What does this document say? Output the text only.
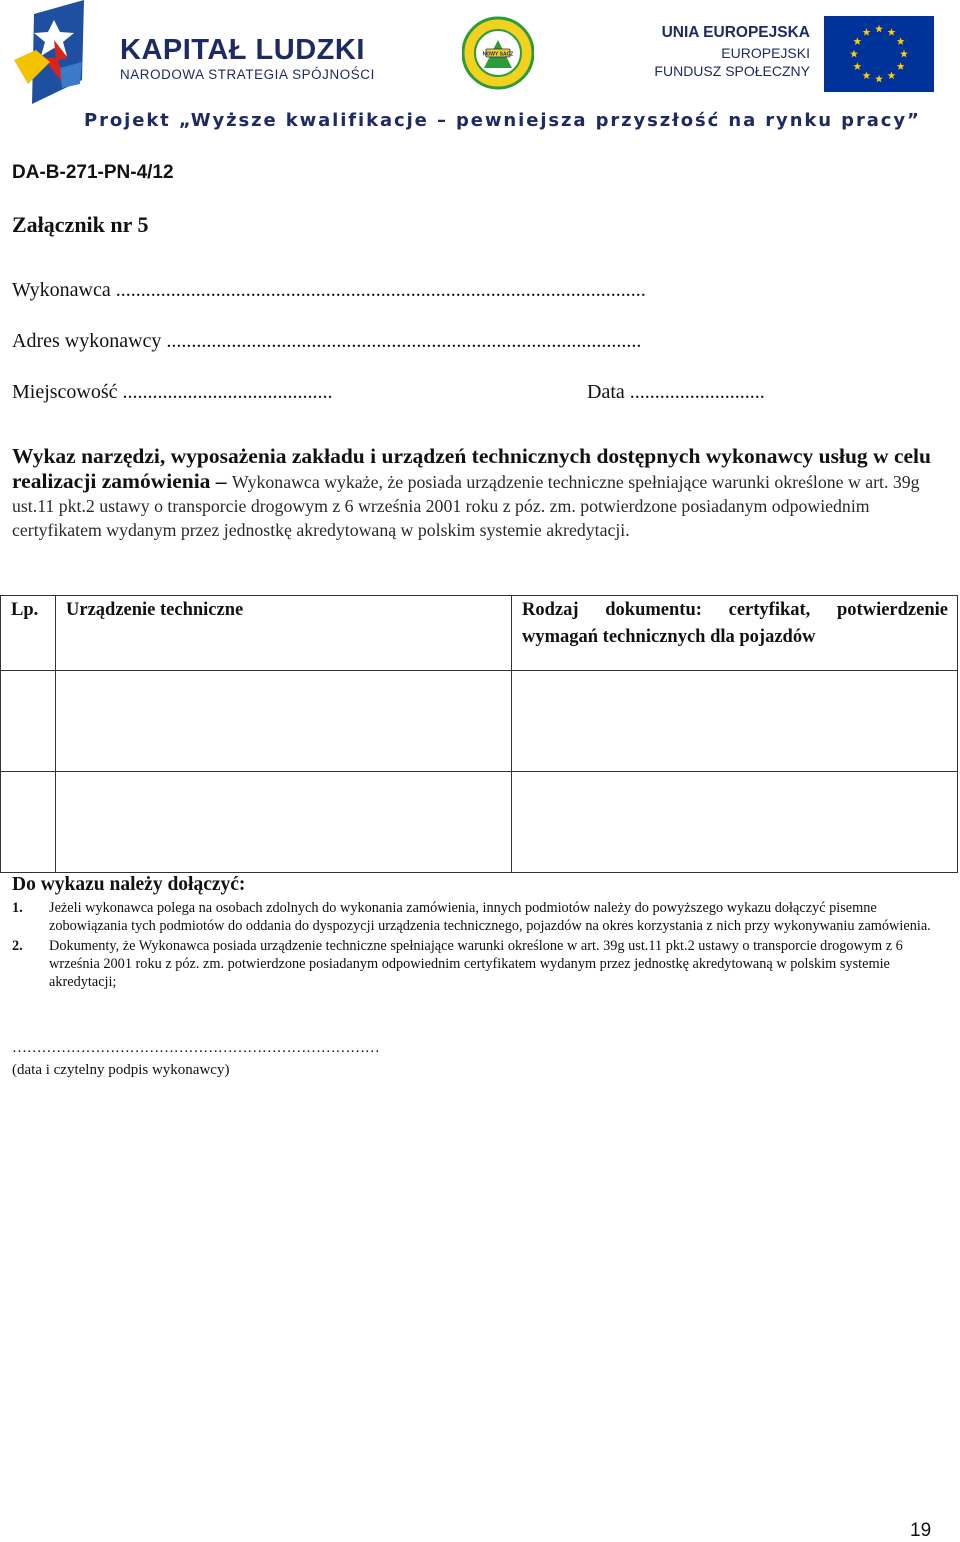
KAPITAŁ LUDZKI
NARODOWA STRATEGIA SPÓJNOŚCI
NOWY SĄCZ
UNIA EUROPEJSKA
EUROPEJSKI
FUNDUSZ SPOŁECZNY
Projekt „Wyższe kwalifikacje – pewniejsza przyszłość na rynku pracy”
DA-B-271-PN-4/12
Załącznik nr 5
Wykonawca ..........................................................................................................
Adres wykonawcy ...............................................................................................
Miejscowość ..........................................	Data ...........................
Wykaz narzędzi, wyposażenia zakładu i urządzeń technicznych dostępnych wykonawcy usług w celu realizacji zamówienia – Wykonawca wykaże, że posiada urządzenie techniczne spełniające warunki określone w art. 39g ust.11 pkt.2 ustawy o transporcie drogowym z 6 września 2001 roku z póz. zm. potwierdzone posiadanym odpowiednim certyfikatem wydanym przez jednostkę akredytowaną w polskim systemie akredytacji.
Lp. Urządzenie techniczne	Rodzaj dokumentu: certyfikat, potwierdzenie wymagań technicznych dla pojazdów
Do wykazu należy dołączyć:
1. Jeżeli wykonawca polega na osobach zdolnych do wykonania zamówienia, innych podmiotów należy do powyższego wykazu dołączyć pisemne zobowiązania tych podmiotów do oddania do dyspozycji urządzenia technicznego, pojazdów na okres korzystania z nich przy wykonywaniu zamówienia.
2. Dokumenty, że Wykonawca posiada urządzenie techniczne spełniające warunki określone w art. 39g ust.11 pkt.2 ustawy o transporcie drogowym z 6 września 2001 roku z póz. zm. potwierdzone posiadanym odpowiednim certyfikatem wydanym przez jednostkę akredytowaną w polskim systemie akredytacji;
…………………………………………………………………
(data i czytelny podpis wykonawcy)
19
